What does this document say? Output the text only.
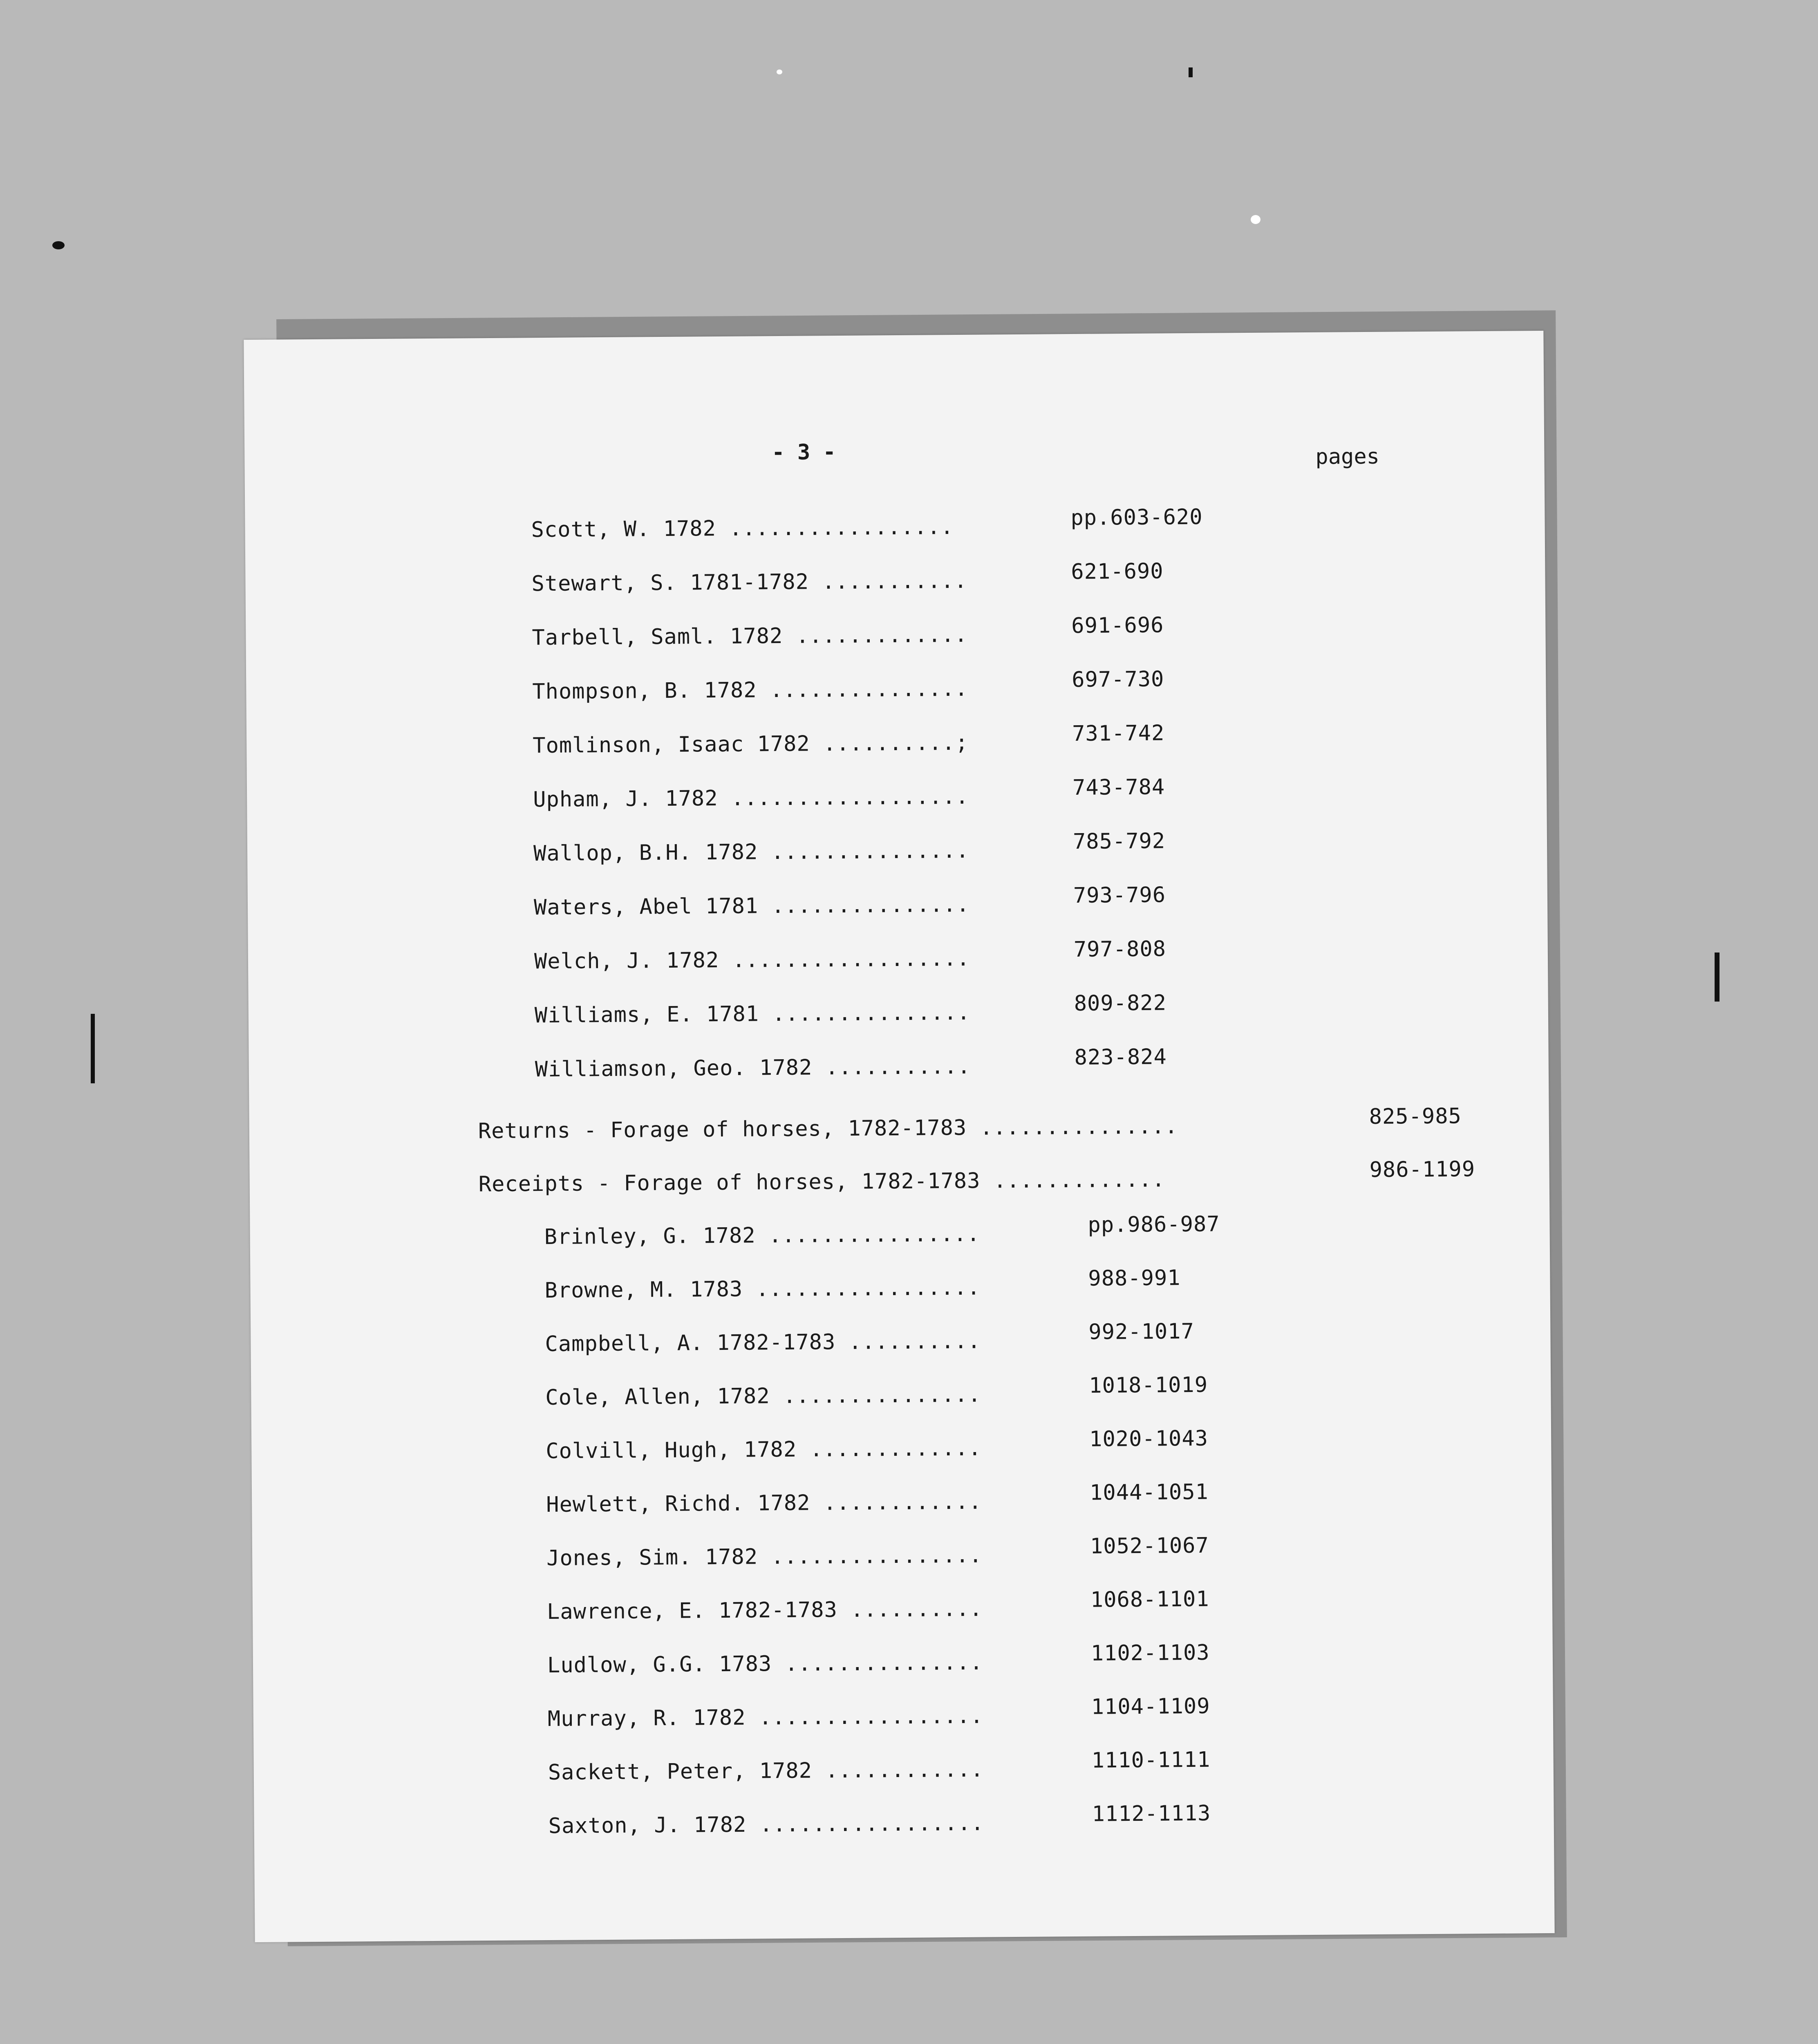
- 3 -	pages
Scott, W. 1782 .................	pp.603-620
Stewart, S. 1781-1782 ...........	621-690
Tarbell, Saml. 1782 .............	691-696
Thompson, B. 1782 ...............	697-730
Tomlinson, Isaac 1782 ..........;	731-742
Upham, J. 1782 ..................	743-784
Wallop, B.H. 1782 ...............	785-792
Waters, Abel 1781 ...............	793-796
Welch, J. 1782 ..................	797-808
Williams, E. 1781 ...............	809-822
Williamson, Geo. 1782 ...........	823-824
Returns - Forage of horses, 1782-1783 ...............	825-985
Receipts - Forage of horses, 1782-1783 .............	986-1199
Brinley, G. 1782 ................	pp.986-987
Browne, M. 1783 .................	988-991
Campbell, A. 1782-1783 ..........	992-1017
Cole, Allen, 1782 ...............	1018-1019
Colvill, Hugh, 1782 .............	1020-1043
Hewlett, Richd. 1782 ............	1044-1051
Jones, Sim. 1782 ................	1052-1067
Lawrence, E. 1782-1783 ..........	1068-1101
Ludlow, G.G. 1783 ...............	1102-1103
Murray, R. 1782 .................	1104-1109
Sackett, Peter, 1782 ............	1110-1111
Saxton, J. 1782 .................	1112-1113
